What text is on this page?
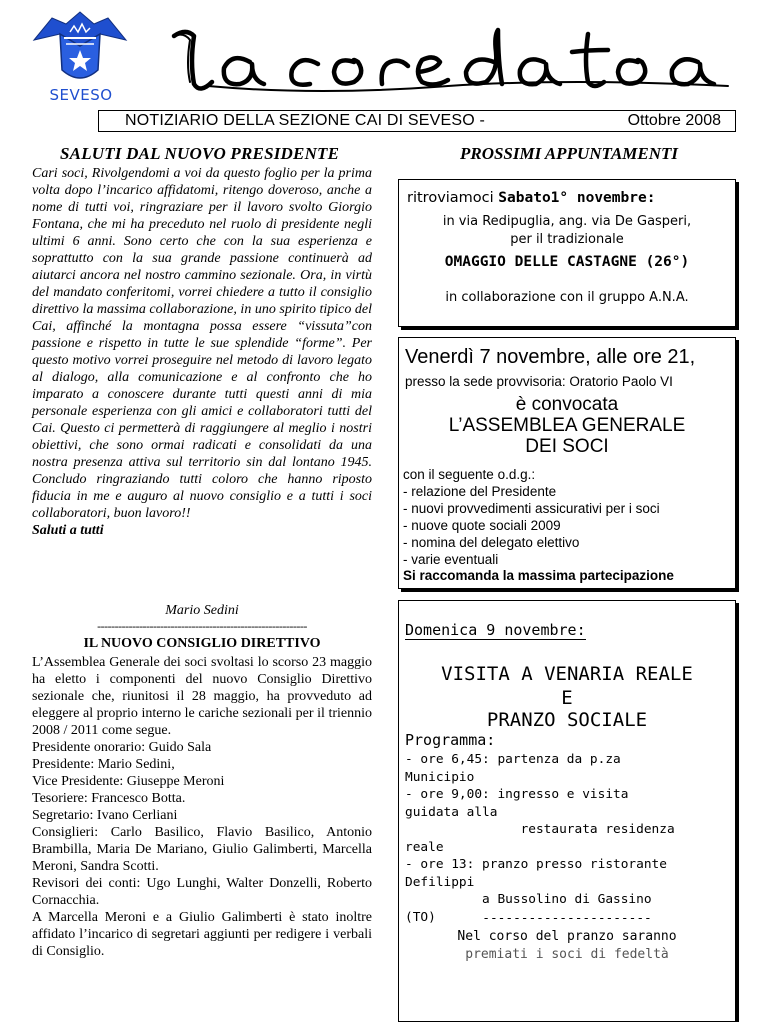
SEVESO
NOTIZIARIO DELLA SEZIONE CAI DI SEVESO -	Ottobre 2008
SALUTI DAL NUOVO PRESIDENTE

Cari soci, Rivolgendomi a voi da questo foglio per la prima volta dopo l’incarico affidatomi, ritengo doveroso, anche a nome di tutti voi, ringraziare per il lavoro svolto Giorgio Fontana, che mi ha preceduto nel ruolo di presidente negli ultimi 6 anni. Sono certo che con la sua esperienza e soprattutto con la sua grande passione continuerà ad aiutarci ancora nel nostro cammino sezionale. Ora, in virtù del mandato conferitomi, vorrei chiedere a tutto il consiglio direttivo la massima collaborazione, in uno spirito tipico del Cai, affinché la montagna possa essere “vissuta”con passione e rispetto in tutte le sue splendide “forme”. Per questo motivo vorrei proseguire nel metodo di lavoro legato al dialogo, alla comunicazione e al confronto che ho imparato a conoscere durante tutti questi anni di mia personale esperienza con gli amici e collaboratori tutti del Cai. Questo ci permetterà di raggiungere al meglio i nostri obiettivi, che sono ormai radicati e consolidati da una nostra presenza attiva sul territorio sin dal lontano 1945. Concludo ringraziando tutti coloro che hanno riposto fiducia in me e auguro al nuovo consiglio e a tutti i soci collaboratori, buon lavoro!!

Saluti a tutti

Mario Sedini
------------------------------------------------------------
IL NUOVO CONSIGLIO DIRETTIVO

L’Assemblea Generale dei soci svoltasi lo scorso 23 maggio ha eletto i componenti del nuovo Consiglio Direttivo sezionale che, riunitosi il 28 maggio, ha provveduto ad eleggere al proprio interno le cariche sezionali per il triennio 2008 / 2011 come segue.

Presidente onorario: Guido Sala

Presidente: Mario Sedini,

Vice Presidente: Giuseppe Meroni

Tesoriere: Francesco Botta.

Segretario: Ivano Cerliani

Consiglieri: Carlo Basilico, Flavio Basilico, Antonio Brambilla, Maria De Mariano, Giulio Galimberti, Marcella Meroni, Sandra Scotti.

Revisori dei conti: Ugo Lunghi, Walter Donzelli, Roberto Cornacchia.

A Marcella Meroni e a Giulio Galimberti è stato inoltre affidato l’incarico di segretari aggiunti per redigere i verbali di Consiglio.

PROSSIMI APPUNTAMENTI
ritroviamoci Sabato1° novembre:
in via Redipuglia, ang. via De Gasperi,
per il tradizionale
OMAGGIO DELLE CASTAGNE (26°)
in collaborazione con il gruppo A.N.A.
Venerdì 7 novembre, alle ore 21,
presso la sede provvisoria: Oratorio Paolo VI
è convocata
L’ASSEMBLEA GENERALE
DEI SOCI
con il seguente o.d.g.:
- relazione del Presidente
- nuovi provvedimenti assicurativi per i soci
- nuove quote sociali 2009
- nomina del delegato elettivo
- varie eventuali
Si raccomanda la massima partecipazione
Domenica 9 novembre:
VISITA A VENARIA REALE
E
PRANZO SOCIALE
Programma:
- ore 6,45: partenza da p.za
Municipio
- ore 9,00: ingresso e visita
guidata alla
restaurata residenza
reale
- ore 13: pranzo presso ristorante
Defilippi
a Bussolino di Gassino
(TO)	----------------------
Nel corso del pranzo saranno
premiati i soci di fedeltà
